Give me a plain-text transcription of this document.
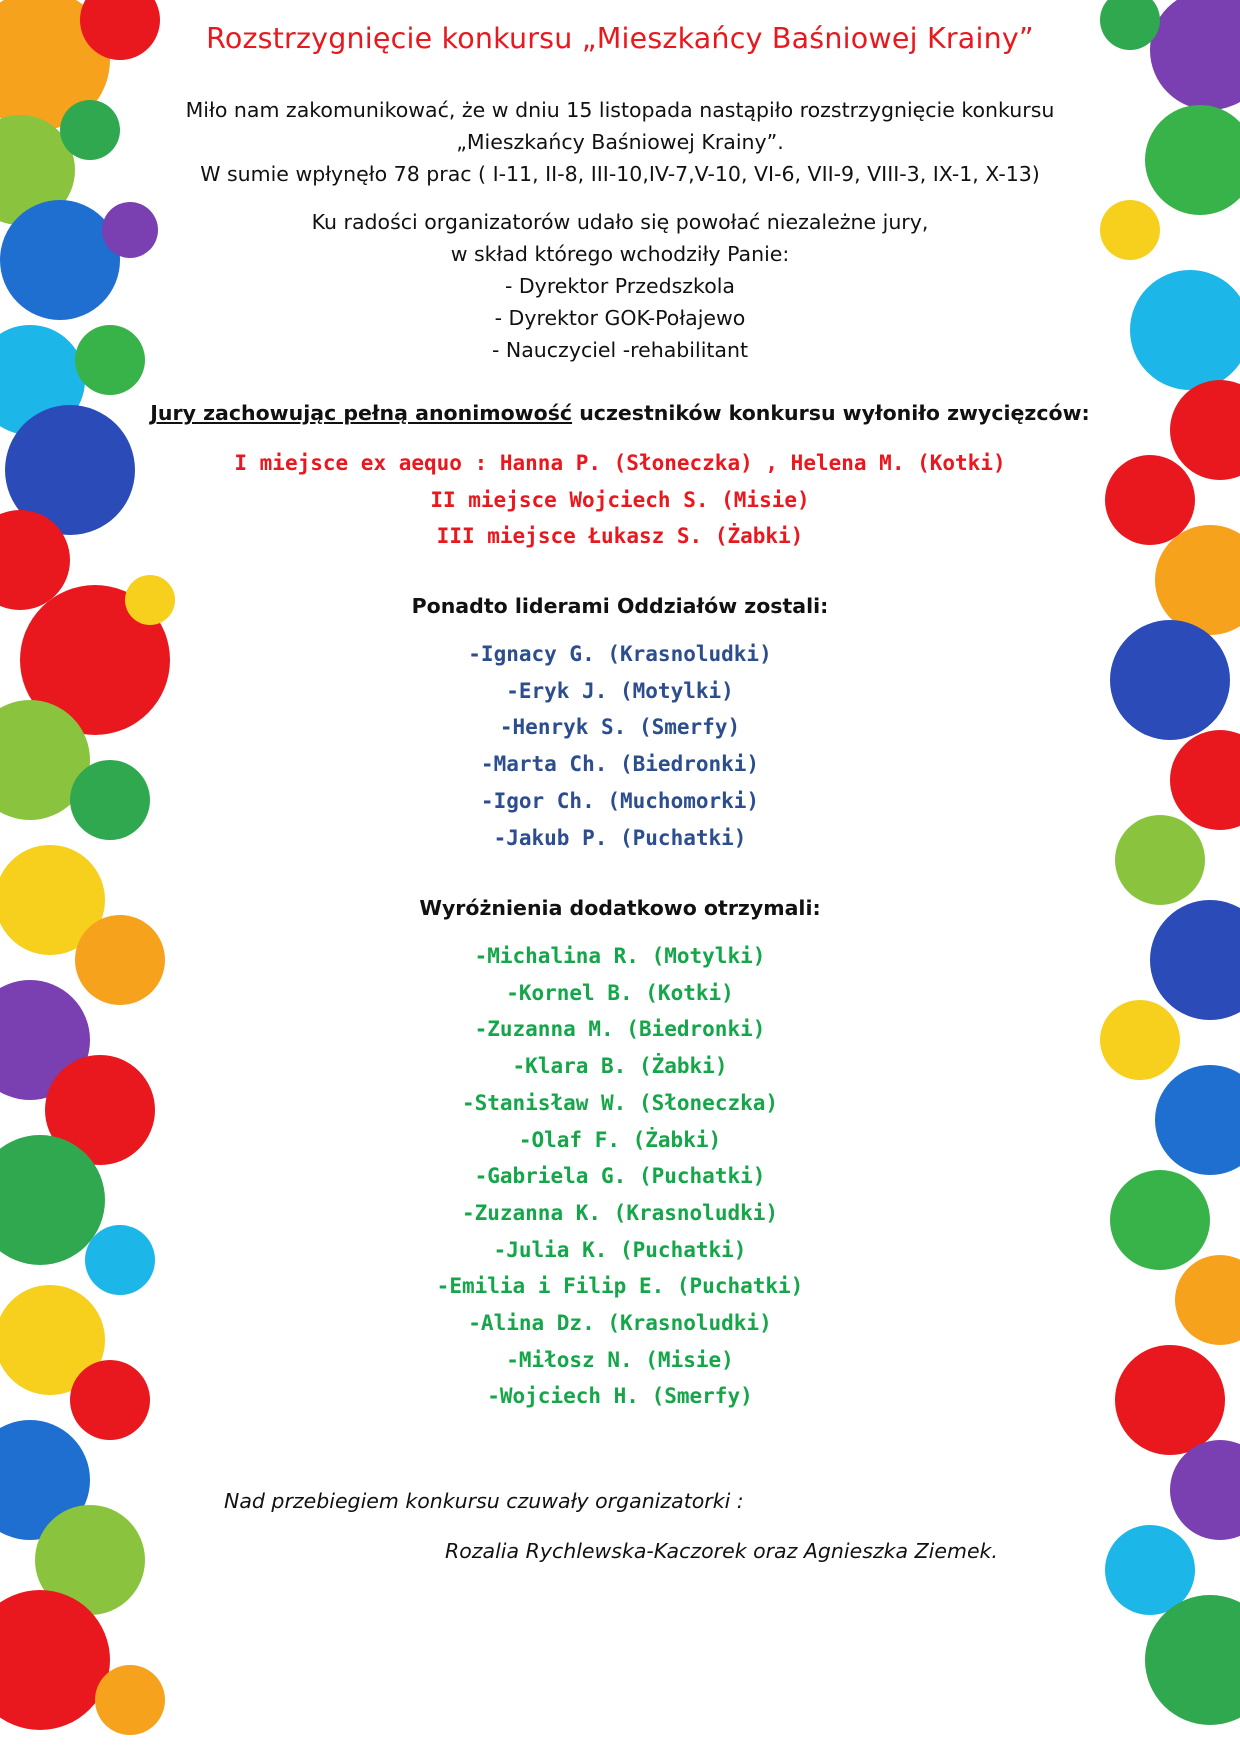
Rozstrzygnięcie konkursu „Mieszkańcy Baśniowej Krainy”
Miło nam zakomunikować, że w dniu 15 listopada nastąpiło rozstrzygnięcie konkursu
„Mieszkańcy Baśniowej Krainy”.
W sumie wpłynęło 78 prac ( I-11, II-8, III-10,IV-7,V-10, VI-6, VII-9, VIII-3, IX-1, X-13)
Ku radości organizatorów udało się powołać niezależne jury,
w skład którego wchodziły Panie:
- Dyrektor Przedszkola
- Dyrektor GOK-Połajewo
- Nauczyciel -rehabilitant
Jury zachowując pełną anonimowość uczestników konkursu wyłoniło zwycięzców:
I miejsce ex aequo : Hanna P. (Słoneczka) , Helena M. (Kotki)
II miejsce Wojciech S. (Misie)
III miejsce Łukasz S. (Żabki)
Ponadto liderami Oddziałów zostali:
-Ignacy G. (Krasnoludki)
-Eryk J. (Motylki)
-Henryk S. (Smerfy)
-Marta Ch. (Biedronki)
-Igor Ch. (Muchomorki)
-Jakub P. (Puchatki)
Wyróżnienia dodatkowo otrzymali:
-Michalina R. (Motylki)
-Kornel B. (Kotki)
-Zuzanna M. (Biedronki)
-Klara B. (Żabki)
-Stanisław W. (Słoneczka)
-Olaf F. (Żabki)
-Gabriela G. (Puchatki)
-Zuzanna K. (Krasnoludki)
-Julia K. (Puchatki)
-Emilia i Filip E. (Puchatki)
-Alina Dz. (Krasnoludki)
-Miłosz N. (Misie)
-Wojciech H. (Smerfy)
Nad przebiegiem konkursu czuwały organizatorki :
Rozalia Rychlewska-Kaczorek oraz Agnieszka Ziemek.
